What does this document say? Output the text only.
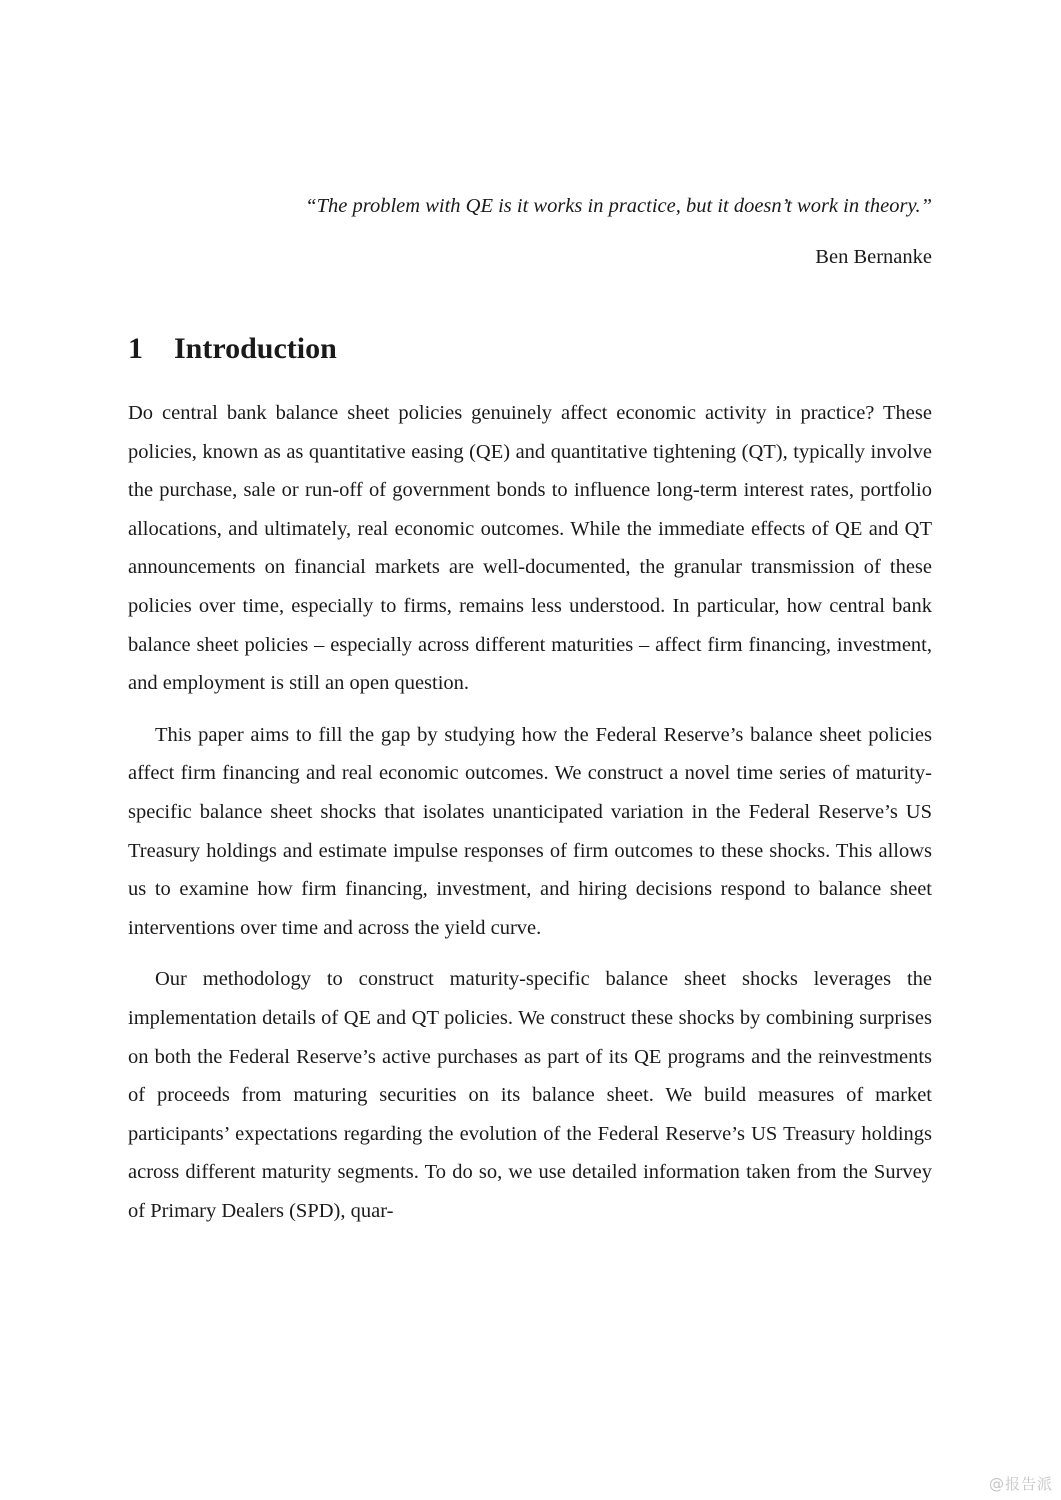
“The problem with QE is it works in practice, but it doesn’t work in theory.”

Ben Bernanke

1	Introduction

Do central bank balance sheet policies genuinely affect economic activity in practice? These policies, known as as quantitative easing (QE) and quantitative tightening (QT), typically involve the purchase, sale or run-off of government bonds to influence long-term interest rates, portfolio allocations, and ultimately, real economic outcomes. While the immediate effects of QE and QT announcements on financial markets are well-documented, the granular transmission of these policies over time, especially to firms, remains less understood. In particular, how central bank balance sheet policies – especially across different maturities – affect firm financing, investment, and employment is still an open question.

This paper aims to fill the gap by studying how the Federal Reserve’s balance sheet policies affect firm financing and real economic outcomes. We construct a novel time series of maturity-specific balance sheet shocks that isolates unanticipated variation in the Federal Reserve’s US Treasury holdings and estimate impulse responses of firm outcomes to these shocks. This allows us to examine how firm financing, investment, and hiring decisions respond to balance sheet interventions over time and across the yield curve.

Our methodology to construct maturity-specific balance sheet shocks leverages the implementation details of QE and QT policies. We construct these shocks by combining surprises on both the Federal Reserve’s active purchases as part of its QE programs and the reinvestments of proceeds from maturing securities on its balance sheet. We build measures of market participants’ expectations regarding the evolution of the Federal Reserve’s US Treasury holdings across different maturity segments. To do so, we use detailed information taken from the Survey of Primary Dealers (SPD), quar-

@报告派
